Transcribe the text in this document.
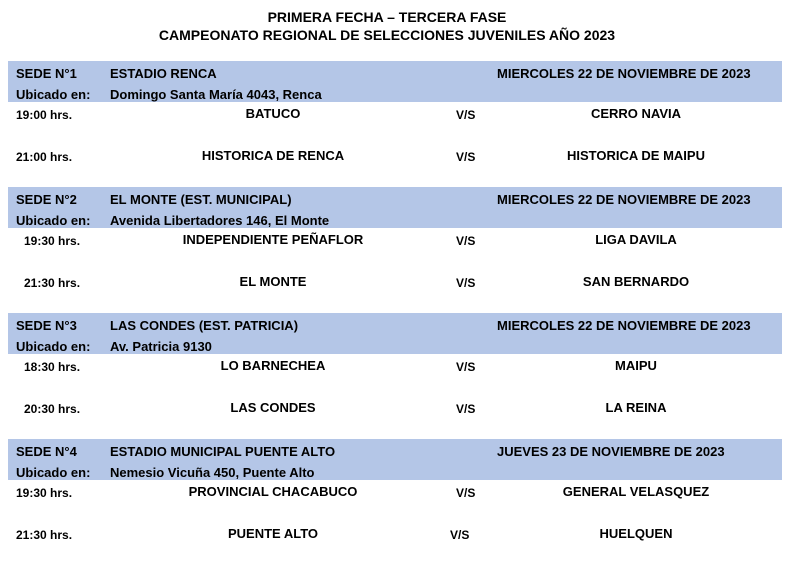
PRIMERA FECHA – TERCERA FASE
CAMPEONATO REGIONAL DE SELECCIONES JUVENILES AÑO 2023
SEDE N°1	ESTADIO RENCA	MIERCOLES 22 DE NOVIEMBRE DE 2023
Ubicado en: Domingo Santa María 4043, Renca
19:00 hrs.	BATUCO	V/S	CERRO NAVIA
21:00 hrs.	HISTORICA DE RENCA	V/S	HISTORICA DE MAIPU
SEDE N°2	EL MONTE (EST. MUNICIPAL)	MIERCOLES 22 DE NOVIEMBRE DE 2023
Ubicado en: Avenida Libertadores 146, El Monte
19:30 hrs.	INDEPENDIENTE PEÑAFLOR	V/S	LIGA DAVILA
21:30 hrs.	EL MONTE	V/S	SAN BERNARDO
SEDE N°3	LAS CONDES (EST. PATRICIA)	MIERCOLES 22 DE NOVIEMBRE DE 2023
Ubicado en: Av. Patricia 9130
18:30 hrs.	LO BARNECHEA	V/S	MAIPU
20:30 hrs.	LAS CONDES	V/S	LA REINA
SEDE N°4	ESTADIO MUNICIPAL PUENTE ALTO	JUEVES 23 DE NOVIEMBRE DE 2023
Ubicado en: Nemesio Vicuña 450, Puente Alto
19:30 hrs.	PROVINCIAL CHACABUCO	V/S	GENERAL VELASQUEZ
21:30 hrs.	PUENTE ALTO	V/S	HUELQUEN
